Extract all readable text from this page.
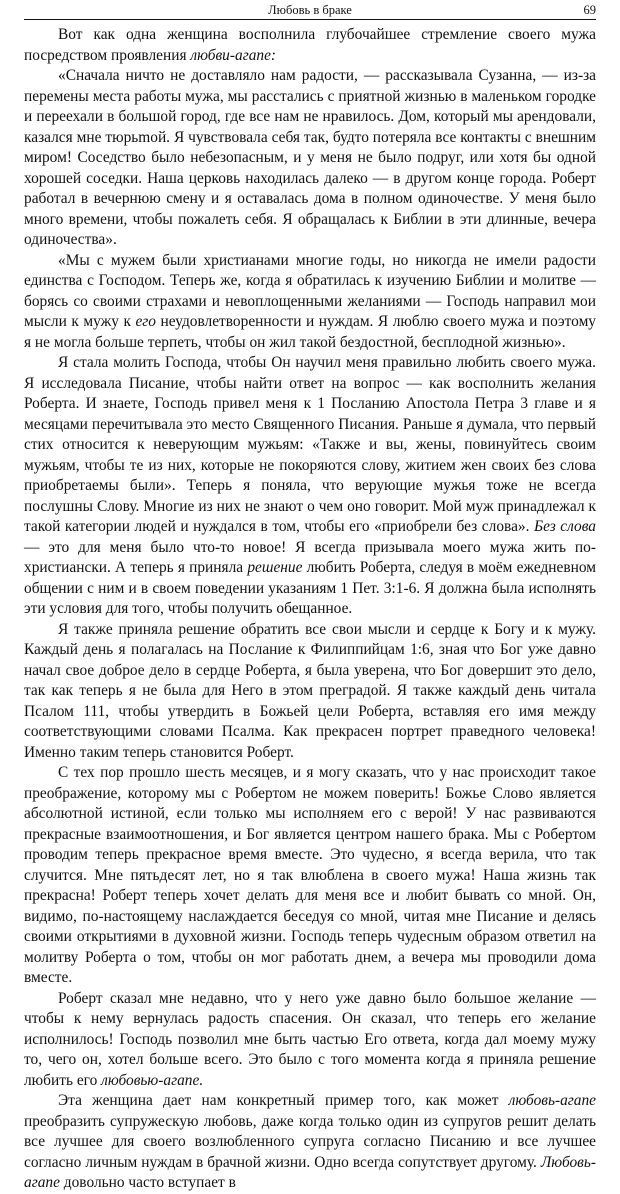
Любовь в браке	69

Вот как одна женщина восполнила глубочайшее стремление своего мужа посредством проявления любви-агапе:

«Сначала ничто не доставляло нам радости, — рассказывала Сузанна, — из-за перемены места работы мужа, мы расстались с приятной жизнью в маленьком городке и переехали в большой город, где все нам не нравилось. Дом, который мы арендовали, казался мне тюрьmой. Я чувствовала себя так, будто потеряла все контакты с внешним миром! Соседство было небезопасным, и у меня не было подруг, или хотя бы одной хорошей соседки. Наша церковь находилась далеко — в другом конце города. Роберт работал в вечернюю смену и я оставалась дома в полном одиночестве. У меня было много времени, чтобы пожалеть себя. Я обращалась к Библии в эти длинные, вечера одиночества».

«Мы с мужем были христианами многие годы, но никогда не имели радости единства с Господом. Теперь же, когда я обратилась к изучению Библии и молитве — борясь со своими страхами и невоплощенными желаниями — Господь направил мои мысли к мужу к его неудовлетворенности и нуждам. Я люблю своего мужа и поэтому я не могла больше терпеть, чтобы он жил такой бездостной, бесплодной жизнью».

Я стала молить Господа, чтобы Он научил меня правильно любить своего мужа. Я исследовала Писание, чтобы найти ответ на вопрос — как восполнить желания Роберта. И знаете, Господь привел меня к 1 Посланию Апостола Петра 3 главе и я месяцами перечитывала это место Священного Писания. Раньше я думала, что первый стих относится к неверующим мужьям: «Также и вы, жены, повинуйтесь своим мужьям, чтобы те из них, которые не покоряются слову, житием жен своих без слова приобретаемы были». Теперь я поняла, что верующие мужья тоже не всегда послушны Слову. Многие из них не знают о чем оно говорит. Мой муж принадлежал к такой категории людей и нуждался в том, чтобы его «приобрели без слова». Без слова — это для меня было что-то новое! Я всегда призывала моего мужа жить по-христиански. А теперь я приняла решение любить Роберта, следуя в моём ежедневном общении с ним и в своем поведении указаниям 1 Пет. 3:1-6. Я должна была исполнять эти условия для того, чтобы получить обещанное.

Я также приняла решение обратить все свои мысли и сердце к Богу и к мужу. Каждый день я полагалась на Послание к Филиппийцам 1:6, зная что Бог уже давно начал свое доброе дело в сердце Роберта, я была уверена, что Бог довершит это дело, так как теперь я не была для Него в этом преградой. Я также каждый день читала Псалом 111, чтобы утвердить в Божьей цели Роберта, вставляя его имя между соответствующими словами Псалма. Как прекрасен портрет праведного человека! Именно таким теперь становится Роберт.

С тех пор прошло шесть месяцев, и я могу сказать, что у нас происходит такое преображение, которому мы с Робертом не можем поверить! Божье Слово является абсолютной истиной, если только мы исполняем его с верой! У нас развиваются прекрасные взаимоотношения, и Бог является центром нашего брака. Мы с Робертом проводим теперь прекрасное время вместе. Это чудесно, я всегда верила, что так случится. Мне пятьдесят лет, но я так влюблена в своего мужа! Наша жизнь так прекрасна! Роберт теперь хочет делать для меня все и любит бывать со мной. Он, видимо, по-настоящему наслаждается беседуя со мной, читая мне Писание и делясь своими открытиями в духовной жизни. Господь теперь чудесным образом ответил на молитву Роберта о том, чтобы он мог работать днем, а вечера мы проводили дома вместе.

Роберт сказал мне недавно, что у него уже давно было большое желание — чтобы к нему вернулась радость спасения. Он сказал, что теперь его желание исполнилось! Господь позволил мне быть частью Его ответа, когда дал моему мужу то, чего он, хотел больше всего. Это было с того момента когда я приняла решение любить его любовью-агапе.

Эта женщина дает нам конкретный пример того, как может любовь-агапе преобразить супружескую любовь, даже когда только один из супругов решит делать все лучшее для своего возлюбленного супруга согласно Писанию и все лучшее согласно личным нуждам в брачной жизни. Одно всегда сопутствует другому. Любовь-агапе довольно часто вступает в
